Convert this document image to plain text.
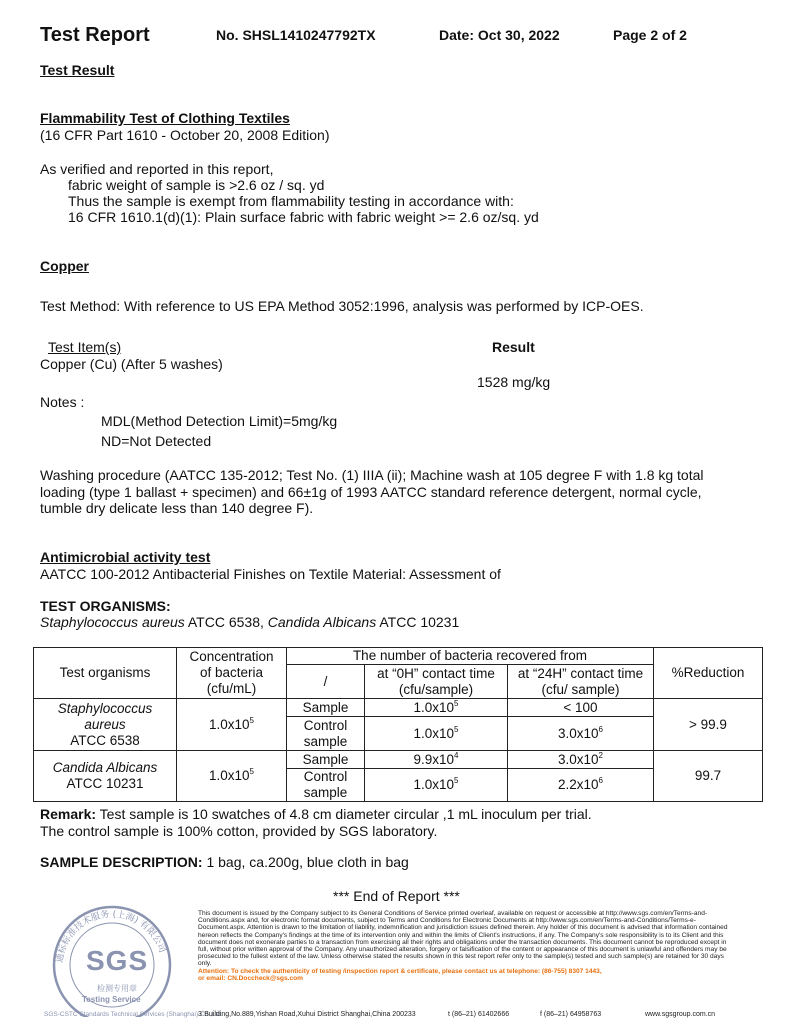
Test Report	No. SHSL1410247792TX	Date: Oct 30, 2022	Page 2 of 2
Test Result
Flammability Test of Clothing Textiles
(16 CFR Part 1610 - October 20, 2008 Edition)
As verified and reported in this report,
fabric weight of sample is >2.6 oz / sq. yd
Thus the sample is exempt from flammability testing in accordance with:
16 CFR 1610.1(d)(1): Plain surface fabric with fabric weight >= 2.6 oz/sq. yd
Copper
Test Method: With reference to US EPA Method 3052:1996, analysis was performed by ICP-OES.
Test Item(s)	Result
Copper (Cu) (After 5 washes)
1528 mg/kg
Notes :
MDL(Method Detection Limit)=5mg/kg
ND=Not Detected
Washing procedure (AATCC 135-2012; Test No. (1) IIIA (ii); Machine wash at 105 degree F with 1.8 kg total
loading (type 1 ballast + specimen) and 66±1g of 1993 AATCC standard reference detergent, normal cycle,
tumble dry delicate less than 140 degree F).
Antimicrobial activity test
AATCC 100-2012 Antibacterial Finishes on Textile Material: Assessment of
TEST ORGANISMS:
Staphylococcus aureus ATCC 6538, Candida Albicans ATCC 10231
Test organisms	Concentration
of bacteria
(cfu/mL)	The number of bacteria recovered from			%Reduction
		/	at “0H” contact time
(cfu/sample)	at “24H” contact time
(cfu/ sample)	
Staphylococcus
aureus
ATCC 6538	$1.0x10^5$	Sample	$1.0x10^5$	< 100	> 99.9
		Control
sample	$1.0x10^5$	$3.0x10^6$
Candida Albicans
ATCC 10231	$1.0x10^5$	Sample	$9.9x10^4$	$3.0x10^2$	99.7
		Control
sample	$1.0x10^5$	$2.2x10^6$
Remark: Test sample is 10 swatches of 4.8 cm diameter circular ,1 mL inoculum per trial.
The control sample is 100% cotton, provided by SGS laboratory.
SAMPLE DESCRIPTION: 1 bag, ca.200g, blue cloth in bag
*** End of Report ***
通标标准技术服务 (上海) 有限公司
SGS
检测专用章
Testing Service
This document is issued by the Company subject to its General Conditions of Service printed overleaf, available on request or accessible at http://www.sgs.com/en/Terms-and-Conditions.aspx and, for electronic format documents, subject to Terms and Conditions for Electronic Documents at http://www.sgs.com/en/Terms-and-Conditions/Terms-e-Document.aspx. Attention is drawn to the limitation of liability, indemnification and jurisdiction issues defined therein. Any holder of this document is advised that information contained hereon reflects the Company's findings at the time of its intervention only and within the limits of Client's instructions, if any. The Company's sole responsibility is to its Client and this document does not exonerate parties to a transaction from exercising all their rights and obligations under the transaction documents. This document cannot be reproduced except in full, without prior written approval of the Company. Any unauthorized alteration, forgery or falsification of the content or appearance of this document is unlawful and offenders may be prosecuted to the fullest extent of the law. Unless otherwise stated the results shown in this test report refer only to the sample(s) tested and such sample(s) are retained for 30 days only.
Attention: To check the authenticity of testing /inspection report & certificate, please contact us at telephone: (86-755) 8307 1443,
or email: CN.Doccheck@sgs.com
SGS-CSTC Standards Technical Services (Shanghai) Co.,Ltd.
3ʿBuilding,No.889,Yishan Road,Xuhui District Shanghai,China 200233	t (86–21) 61402666	f (86–21) 64958763	www.sgsgroup.com.cn
